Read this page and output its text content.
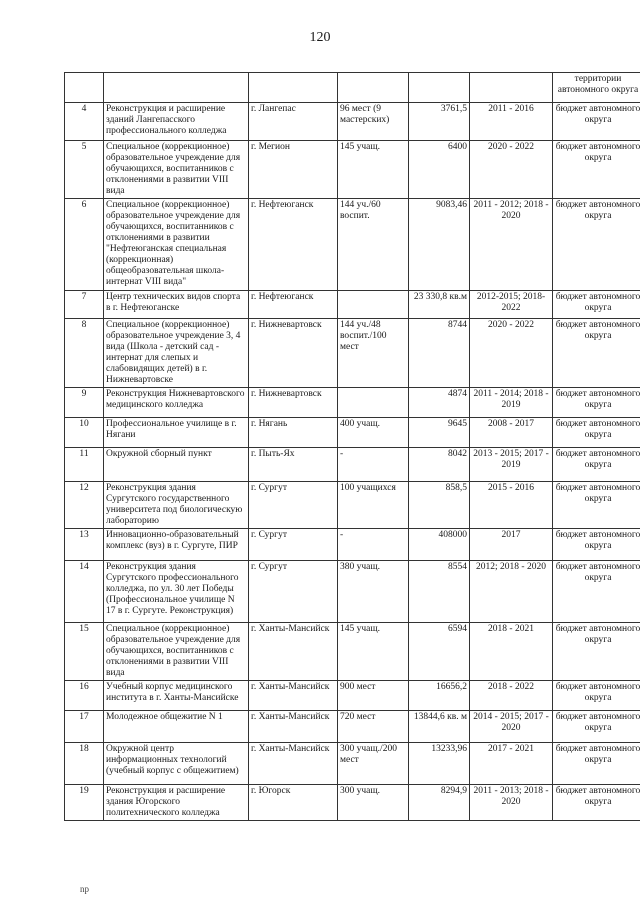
120
						территории автономного округа
4	Реконструкция и расширение зданий Лангепасского профессионального колледжа	г. Лангепас	96 мест (9 мастерских)	3761,5	2011 - 2016	бюджет автономного округа
5	Специальное (коррекционное) образовательное учреждение для обучающихся, воспитанников с отклонениями в развитии VIII вида	г. Мегион	145 учащ.	6400	2020 - 2022	бюджет автономного округа
6	Специальное (коррекционное) образовательное учреждение для обучающихся, воспитанников с отклонениями в развитии "Нефтеюганская специальная (коррекционная) общеобразовательная школа-интернат VIII вида"	г. Нефтеюганск	144 уч./60 воспит.	9083,46	2011 - 2012; 2018 - 2020	бюджет автономного округа
7	Центр технических видов спорта в г. Нефтеюганске	г. Нефтеюганск		23 330,8 кв.м	2012-2015; 2018-2022	бюджет автономного округа
8	Специальное (коррекционное) образовательное учреждение 3, 4 вида (Школа - детский сад - интернат для слепых и слабовидящих детей) в г. Нижневартовске	г. Нижневартовск	144 уч./48 воспит./100 мест	8744	2020 - 2022	бюджет автономного округа
9	Реконструкция Нижневартовского медицинского колледжа	г. Нижневартовск		4874	2011 - 2014; 2018 - 2019	бюджет автономного округа
10	Профессиональное училище в г. Нягани	г. Нягань	400 учащ.	9645	2008 - 2017	бюджет автономного округа
11	Окружной сборный пункт	г. Пыть-Ях	-	8042	2013 - 2015; 2017 - 2019	бюджет автономного округа
12	Реконструкция здания Сургутского государственного университета под биологическую лабораторию	г. Сургут	100 учащихся	858,5	2015 - 2016	бюджет автономного округа
13	Инновационно-образовательный комплекс (вуз) в г. Сургуте, ПИР	г. Сургут	-	408000	2017	бюджет автономного округа
14	Реконструкция здания Сургутского профессионального колледжа, по ул. 30 лет Победы (Профессиональное училище N 17 в г. Сургуте. Реконструкция)	г. Сургут	380 учащ.	8554	2012; 2018 - 2020	бюджет автономного округа
15	Специальное (коррекционное) образовательное учреждение для обучающихся, воспитанников с отклонениями в развитии VIII вида	г. Ханты-Мансийск	145 учащ.	6594	2018 - 2021	бюджет автономного округа
16	Учебный корпус медицинского института в г. Ханты-Мансийске	г. Ханты-Мансийск	900 мест	16656,2	2018 - 2022	бюджет автономного округа
17	Молодежное общежитие N 1	г. Ханты-Мансийск	720 мест	13844,6 кв. м	2014 - 2015; 2017 - 2020	бюджет автономного округа
18	Окружной центр информационных технологий (учебный корпус с общежитием)	г. Ханты-Мансийск	300 учащ./200 мест	13233,96	2017 - 2021	бюджет автономного округа
19	Реконструкция и расширение здания Югорского политехнического колледжа	г. Югорск	300 учащ.	8294,9	2011 - 2013; 2018 - 2020	бюджет автономного округа
np
